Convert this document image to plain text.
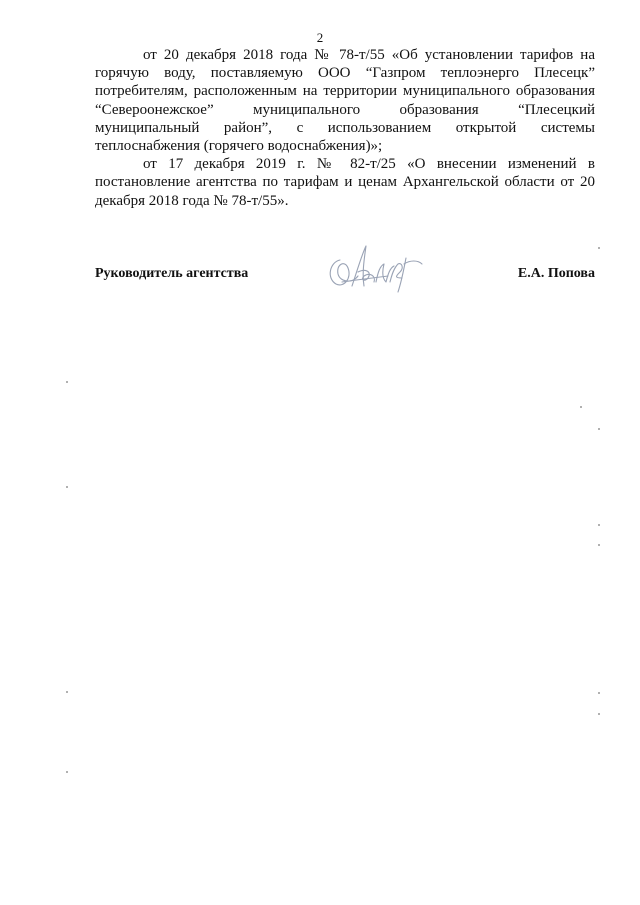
2

от 20 декабря 2018 года № 78-т/55 «Об установлении тарифов на горячую воду, поставляемую ООО “Газпром теплоэнерго Плесецк” потребителям, расположенным на территории муниципального образования “Североонежское” муниципального образования “Плесецкий муниципальный район”, с использованием открытой системы теплоснабжения (горячего водоснабжения)»;

от 17 декабря 2019 г. № 82-т/25 «О внесении изменений в постановление агентства по тарифам и ценам Архангельской области от 20 декабря 2018 года № 78-т/55».

Руководитель агентства	Е.А. Попова
